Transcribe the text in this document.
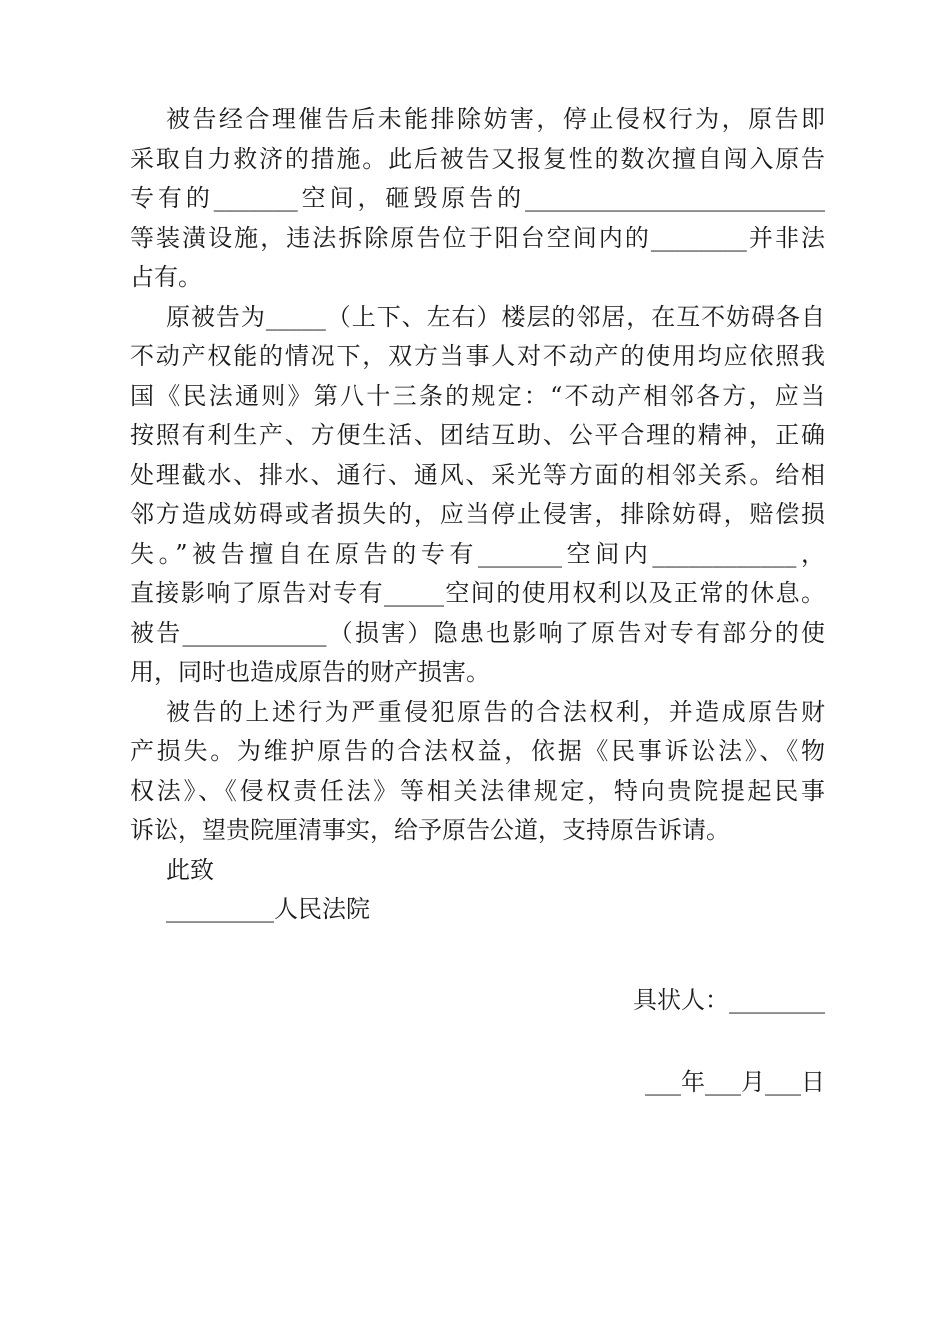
被告经合理催告后未能排除妨害，停止侵权行为，原告即
采取自力救济的措施。此后被告又报复性的数次擅自闯入原告
专有的_______空间，砸毁原告的_________________________
等装潢设施，违法拆除原告位于阳台空间内的________并非法
占有。
原被告为_____（上下、左右）楼层的邻居，在互不妨碍各自
不动产权能的情况下，双方当事人对不动产的使用均应依照我
国《民法通则》第八十三条的规定：“不动产相邻各方，应当
按照有利生产、方便生活、团结互助、公平合理的精神，正确
处理截水、排水、通行、通风、采光等方面的相邻关系。给相
邻方造成妨碍或者损失的，应当停止侵害，排除妨碍，赔偿损
失。”被告擅自在原告的专有_______空间内____________，
直接影响了原告对专有_____空间的使用权利以及正常的休息。
被告____________（损害）隐患也影响了原告对专有部分的使
用，同时也造成原告的财产损害。
被告的上述行为严重侵犯原告的合法权利，并造成原告财
产损失。为维护原告的合法权益，依据《民事诉讼法》、《物
权法》、《侵权责任法》等相关法律规定，特向贵院提起民事
诉讼，望贵院厘清事实，给予原告公道，支持原告诉请。
此致
_________人民法院
具状人：________
___年___月___日
